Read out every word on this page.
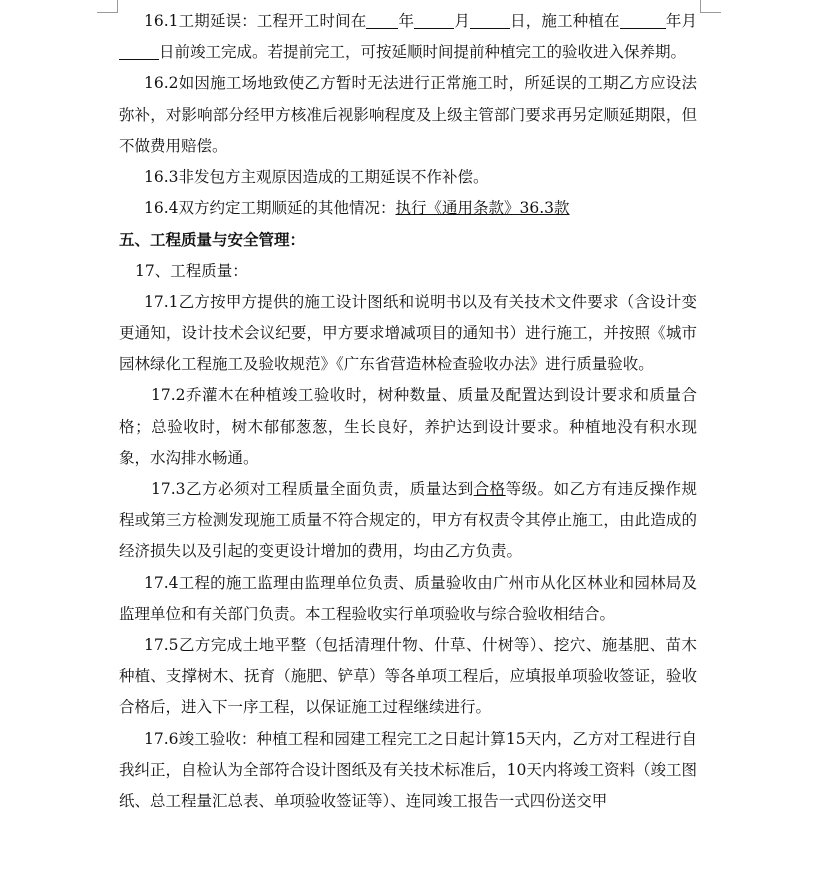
16.1工期延误：工程开工时间在 年	月	日，施工种植在	年月日前竣工完成。若提前完工，可按延顺时间提前种植完工的验收进入保养期。

16.2如因施工场地致使乙方暂时无法进行正常施工时，所延误的工期乙方应设法弥补，对影响部分经甲方核准后视影响程度及上级主管部门要求再另定顺延期限，但不做费用赔偿。

16.3非发包方主观原因造成的工期延误不作补偿。

16.4双方约定工期顺延的其他情况：执行《通用条款》36.3款

五、工程质量与安全管理：

17、工程质量：

17.1乙方按甲方提供的施工设计图纸和说明书以及有关技术文件要求（含设计变更通知，设计技术会议纪要，甲方要求增减项目的通知书）进行施工，并按照《城市园林绿化工程施工及验收规范》《广东省营造林检查验收办法》进行质量验收。

17.2乔灌木在种植竣工验收时，树种数量、质量及配置达到设计要求和质量合格；总验收时，树木郁郁葱葱，生长良好，养护达到设计要求。种植地没有积水现象，水沟排水畅通。

17.3乙方必须对工程质量全面负责，质量达到合格等级。如乙方有违反操作规程或第三方检测发现施工质量不符合规定的，甲方有权责令其停止施工，由此造成的经济损失以及引起的变更设计增加的费用，均由乙方负责。

17.4工程的施工监理由监理单位负责、质量验收由广州市从化区林业和园林局及监理单位和有关部门负责。本工程验收实行单项验收与综合验收相结合。

17.5乙方完成土地平整（包括清理什物、什草、什树等）、挖穴、施基肥、苗木种植、支撑树木、抚育（施肥、铲草）等各单项工程后，应填报单项验收签证，验收合格后，进入下一序工程，以保证施工过程继续进行。

17.6竣工验收：种植工程和园建工程完工之日起计算15天内，乙方对工程进行自我纠正，自检认为全部符合设计图纸及有关技术标准后，10天内将竣工资料（竣工图纸、总工程量汇总表、单项验收签证等）、连同竣工报告一式四份送交甲
